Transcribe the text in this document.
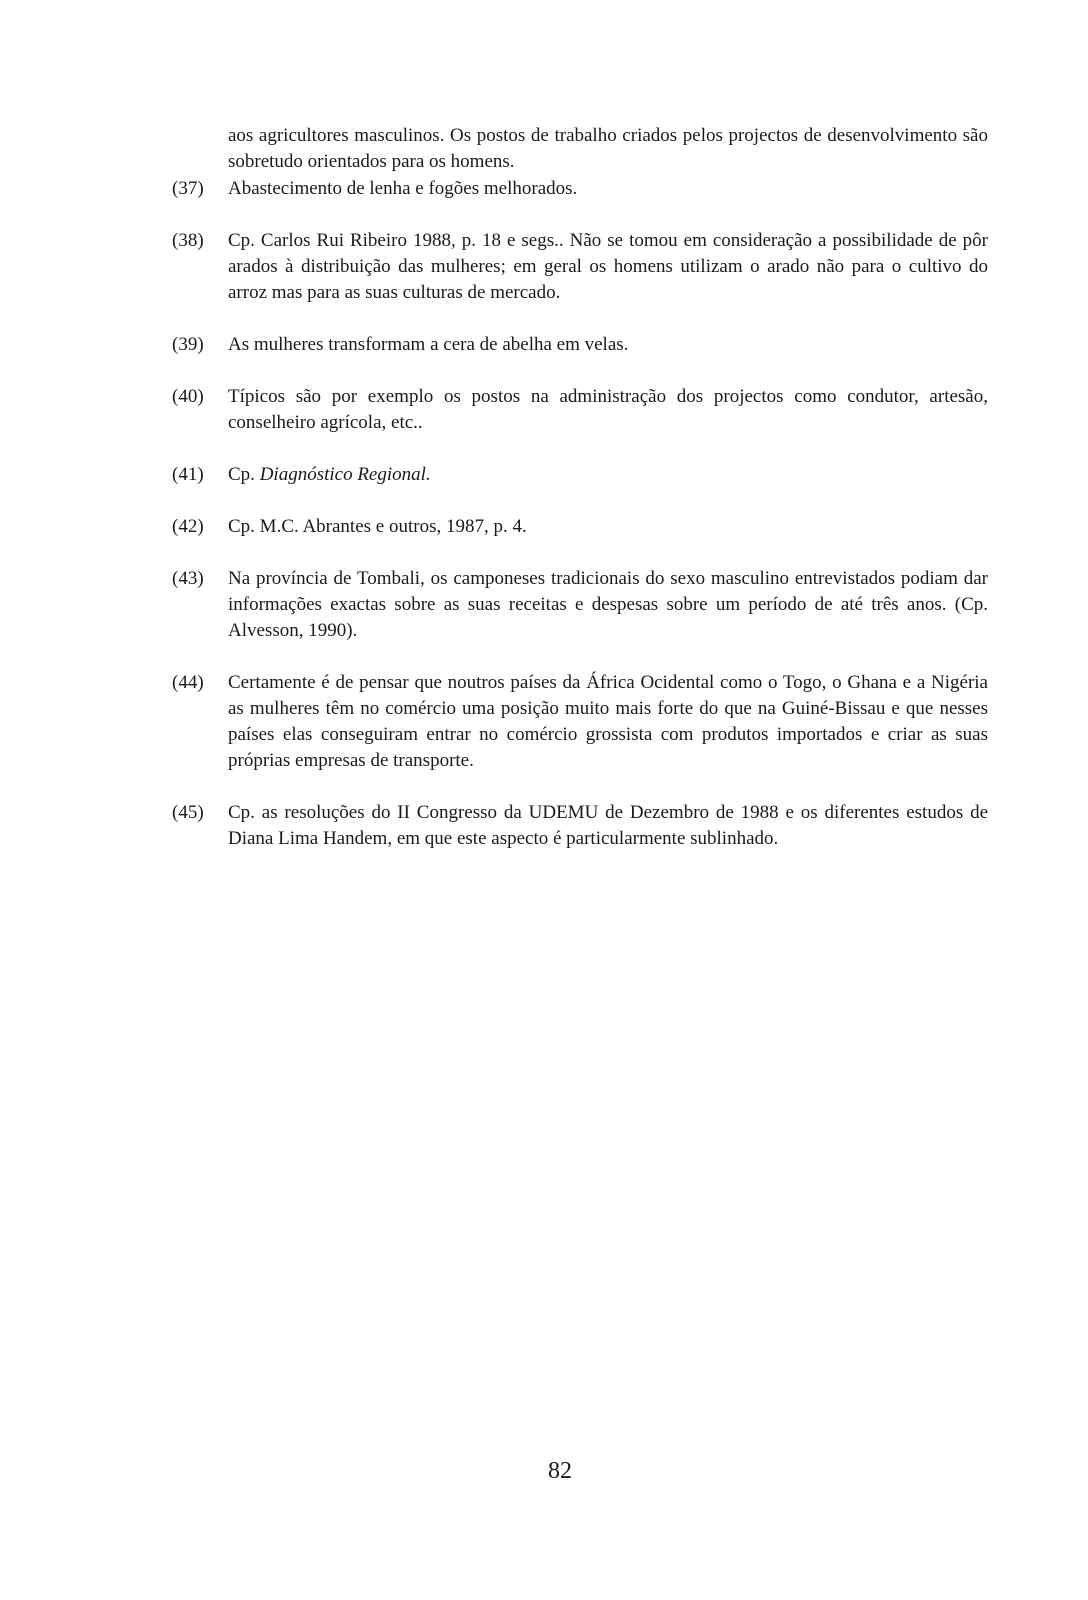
aos agricultores masculinos. Os postos de trabalho criados pelos projectos de desenvolvimento são sobretudo orientados para os homens.

(37)	Abastecimento de lenha e fogões melhorados.
(38)	Cp. Carlos Rui Ribeiro 1988, p. 18 e segs.. Não se tomou em consideração a possibilidade de pôr arados à distribuição das mulheres; em geral os homens utilizam o arado não para o cultivo do arroz mas para as suas culturas de mercado.
(39)	As mulheres transformam a cera de abelha em velas.
(40)	Típicos são por exemplo os postos na administração dos projectos como condutor, artesão, conselheiro agrícola, etc..
(41)	Cp. Diagnóstico Regional.
(42)	Cp. M.C. Abrantes e outros, 1987, p. 4.
(43)	Na província de Tombali, os camponeses tradicionais do sexo masculino entrevistados podiam dar informações exactas sobre as suas receitas e despesas sobre um período de até três anos. (Cp. Alvesson, 1990).
(44)	Certamente é de pensar que noutros países da África Ocidental como o Togo, o Ghana e a Nigéria as mulheres têm no comércio uma posição muito mais forte do que na Guiné-Bissau e que nesses países elas conseguiram entrar no comércio grossista com produtos importados e criar as suas próprias empresas de transporte.
(45)	Cp. as resoluções do II Congresso da UDEMU de Dezembro de 1988 e os diferentes estudos de Diana Lima Handem, em que este aspecto é particularmente sublinhado.
82
